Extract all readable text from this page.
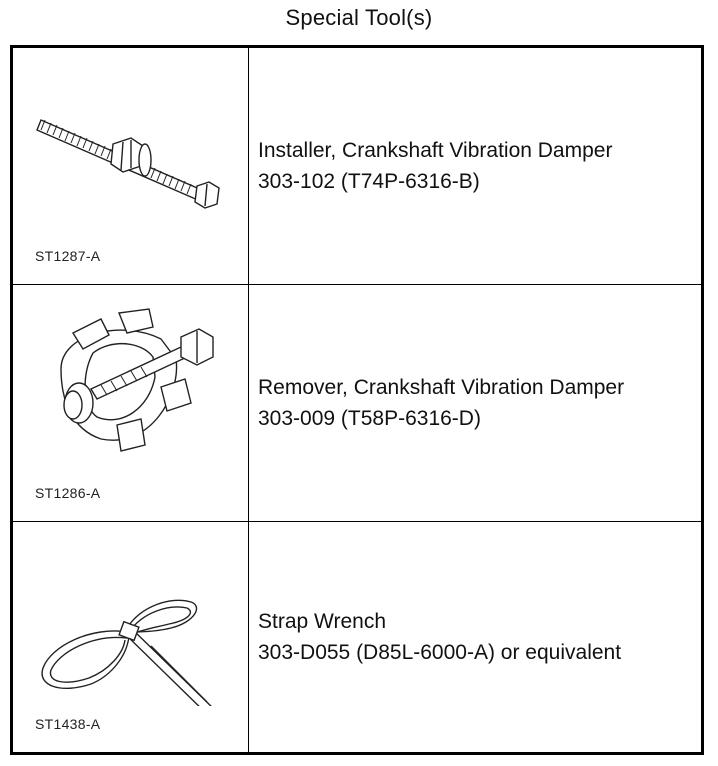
Special Tool(s)
ST1287-A
Installer, Crankshaft Vibration Damper
303-102 (T74P-6316-B)
ST1286-A
Remover, Crankshaft Vibration Damper
303-009 (T58P-6316-D)
ST1438-A
Strap Wrench
303-D055 (D85L-6000-A) or equivalent
